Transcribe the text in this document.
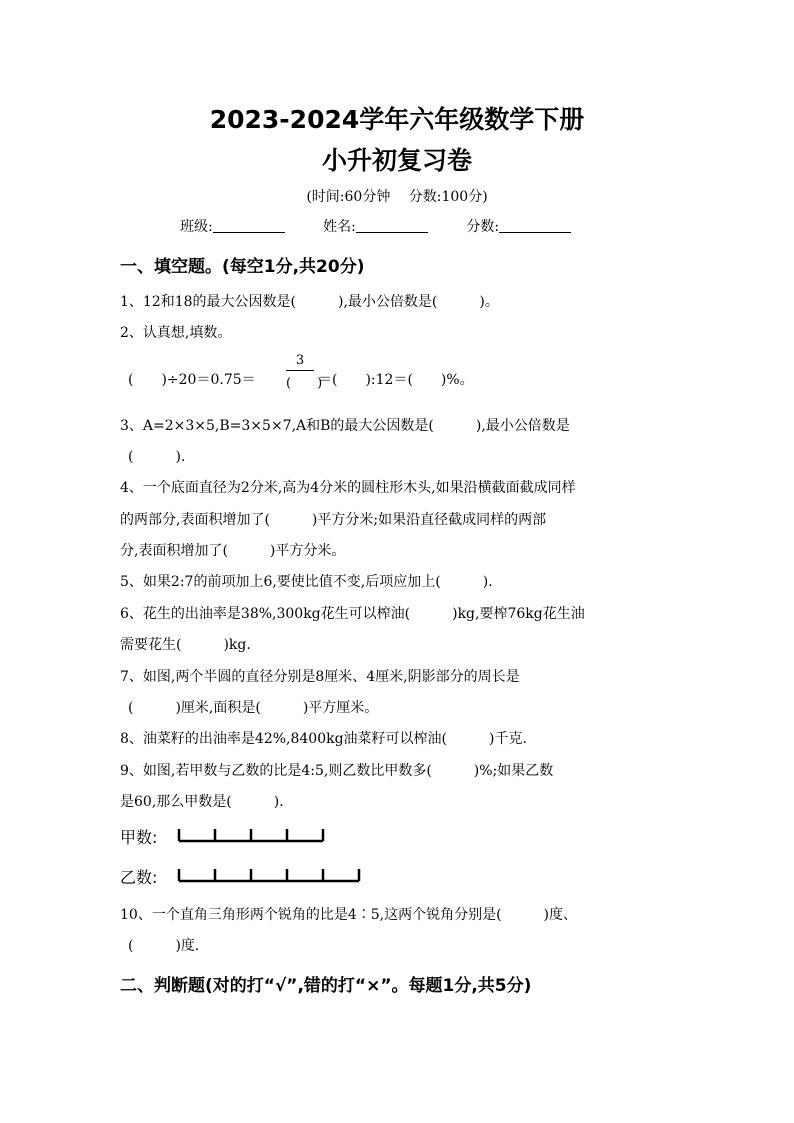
2023-2024学年六年级数学下册
小升初复习卷
(时间:60分钟　 分数:100分)
班级:	姓名:	分数:
一、填空题。(每空1分,共20分)
1、12和18的最大公因数是(　　　),最小公倍数是(　　　)。
2、认真想,填数。
(　　)÷20＝0.75＝
3
(　　)
＝(　　):12＝(　　)%。
3、A=2×3×5,B=3×5×7,A和B的最大公因数是(　　　),最小公倍数是
(　　　).
4、一个底面直径为2分米,高为4分米的圆柱形木头,如果沿横截面截成同样
的两部分,表面积增加了(　　　)平方分米;如果沿直径截成同样的两部
分,表面积增加了(　　　)平方分米。
5、如果2:7的前项加上6,要使比值不变,后项应加上(　　　).
6、花生的出油率是38%,300kg花生可以榨油(　　　)kg,要榨76kg花生油
需要花生(　　　)kg.
7、如图,两个半圆的直径分别是8厘米、4厘米,阴影部分的周长是
(　　　)厘米,面积是(　　　)平方厘米。
8、油菜籽的出油率是42%,8400kg油菜籽可以榨油(　　　)千克.
9、如图,若甲数与乙数的比是4:5,则乙数比甲数多(　　　)%;如果乙数
是60,那么甲数是(　　　).
甲数:
乙数:
10、一个直角三角形两个锐角的比是4∶5,这两个锐角分别是(　　　)度、
(　　　)度.
二、判断题(对的打“√”,错的打“×”。每题1分,共5分)
